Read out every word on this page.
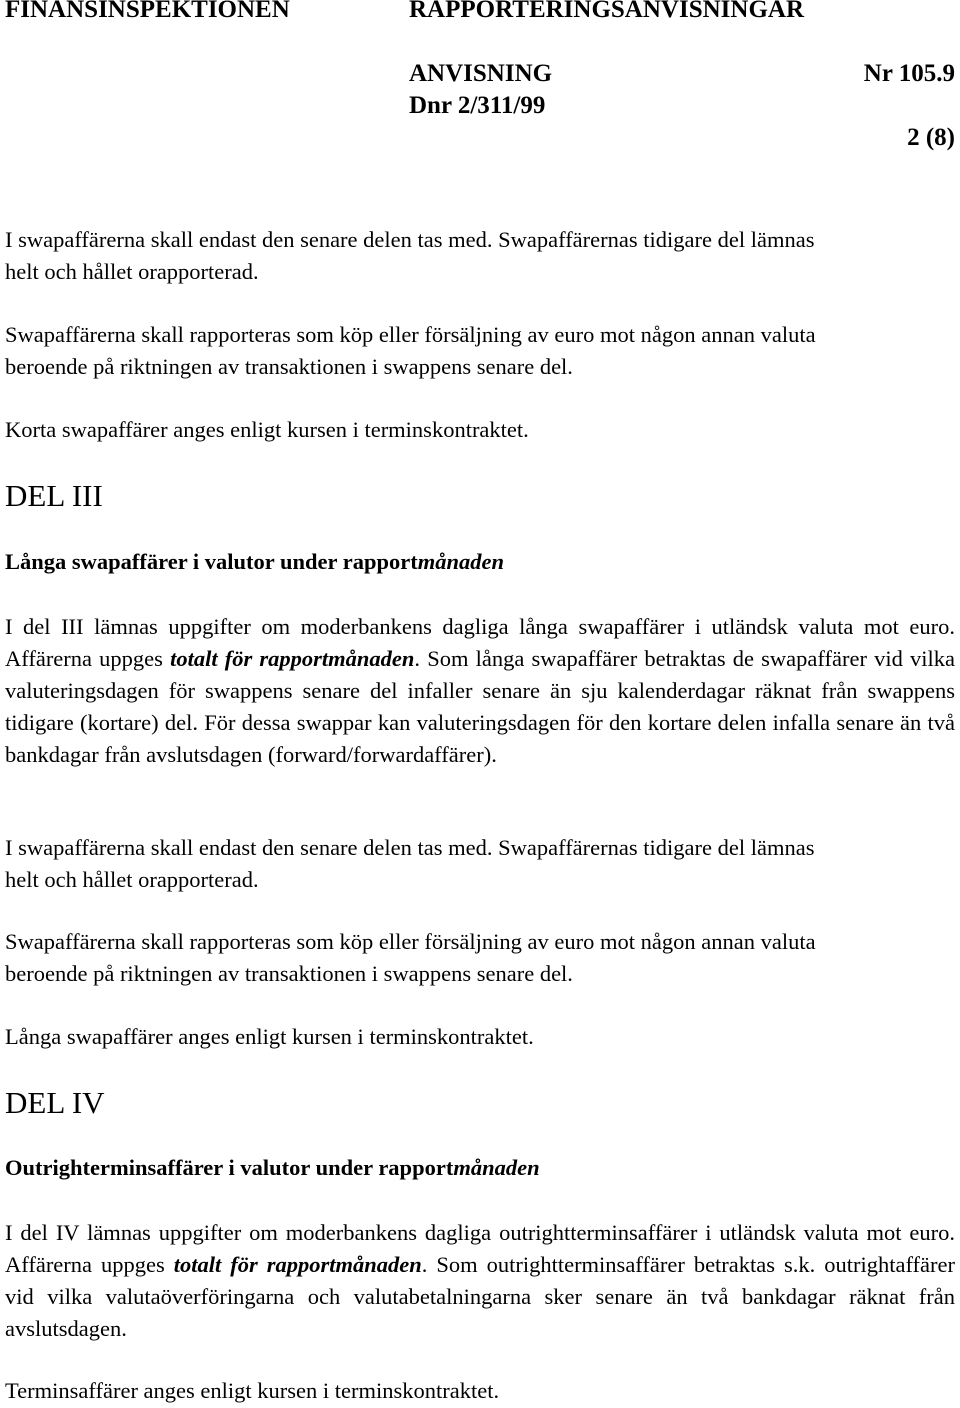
FINANSINSPEKTIONEN	RAPPORTERINGSANVISNINGAR
ANVISNING	Nr 105.9
Dnr 2/311/99
2 (8)
I swapaffärerna skall endast den senare delen tas med. Swapaffärernas tidigare del lämnas
helt och hållet orapporterad.
Swapaffärerna skall rapporteras som köp eller försäljning av euro mot någon annan valuta
beroende på riktningen av transaktionen i swappens senare del.
Korta swapaffärer anges enligt kursen i terminskontraktet.
DEL III
Långa swapaffärer i valutor under rapportmånaden
I del III lämnas uppgifter om moderbankens dagliga långa swapaffärer i utländsk valuta mot euro. Affärerna uppges totalt för rapportmånaden. Som långa swapaffärer betraktas de swapaffärer vid vilka valuteringsdagen för swappens senare del infaller senare än sju kalenderdagar räknat från swappens tidigare (kortare) del. För dessa swappar kan valuteringsdagen för den kortare delen infalla senare än två bankdagar från avslutsdagen (forward/forwardaffärer).
I swapaffärerna skall endast den senare delen tas med. Swapaffärernas tidigare del lämnas
helt och hållet orapporterad.
Swapaffärerna skall rapporteras som köp eller försäljning av euro mot någon annan valuta
beroende på riktningen av transaktionen i swappens senare del.
Långa swapaffärer anges enligt kursen i terminskontraktet.
DEL IV
Outrighterminsaffärer i valutor under rapportmånaden
I del IV lämnas uppgifter om moderbankens dagliga outrightterminsaffärer i utländsk valuta mot euro. Affärerna uppges totalt för rapportmånaden. Som outrightterminsaffärer betraktas s.k. outrightaffärer vid vilka valutaöverföringarna och valutabetalningarna sker senare än två bankdagar räknat från avslutsdagen.
Terminsaffärer anges enligt kursen i terminskontraktet.
